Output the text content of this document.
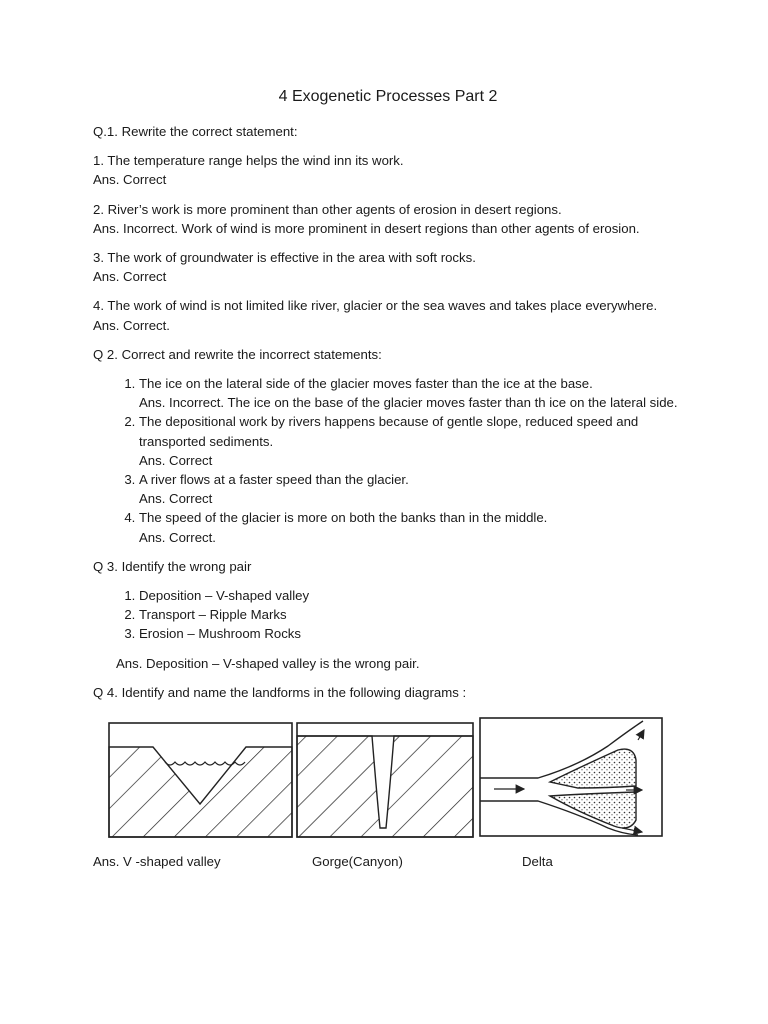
4 Exogenetic Processes Part 2

Q.1. Rewrite the correct statement:

1. The temperature range helps the wind inn its work.
Ans. Correct

2. River’s work is more prominent than other agents of erosion in desert regions.
Ans. Incorrect. Work of wind is more prominent in desert regions than other agents of erosion.

3. The work of groundwater is effective in the area with soft rocks.
Ans. Correct

4. The work of wind is not limited like river, glacier or the sea waves and takes place everywhere.
Ans. Correct.

Q 2. Correct and rewrite the incorrect statements:

1. The ice on the lateral side of the glacier moves faster than the ice at the base.
Ans. Incorrect. The ice on the base of the glacier moves faster than th ice on the lateral side.
2. The depositional work by rivers happens because of gentle slope, reduced speed and transported sediments.
Ans. Correct
3. A river flows at a faster speed than the glacier.
Ans. Correct
4. The speed of the glacier is more on both the banks than in the middle.
Ans. Correct.

Q 3. Identify the wrong pair

1. Deposition – V-shaped valley
2. Transport – Ripple Marks
3. Erosion – Mushroom Rocks

Ans. Deposition – V-shaped valley is the wrong pair.

Q 4. Identify and name the landforms in the following diagrams :

Ans. V -shaped valley	Gorge(Canyon)	Delta
